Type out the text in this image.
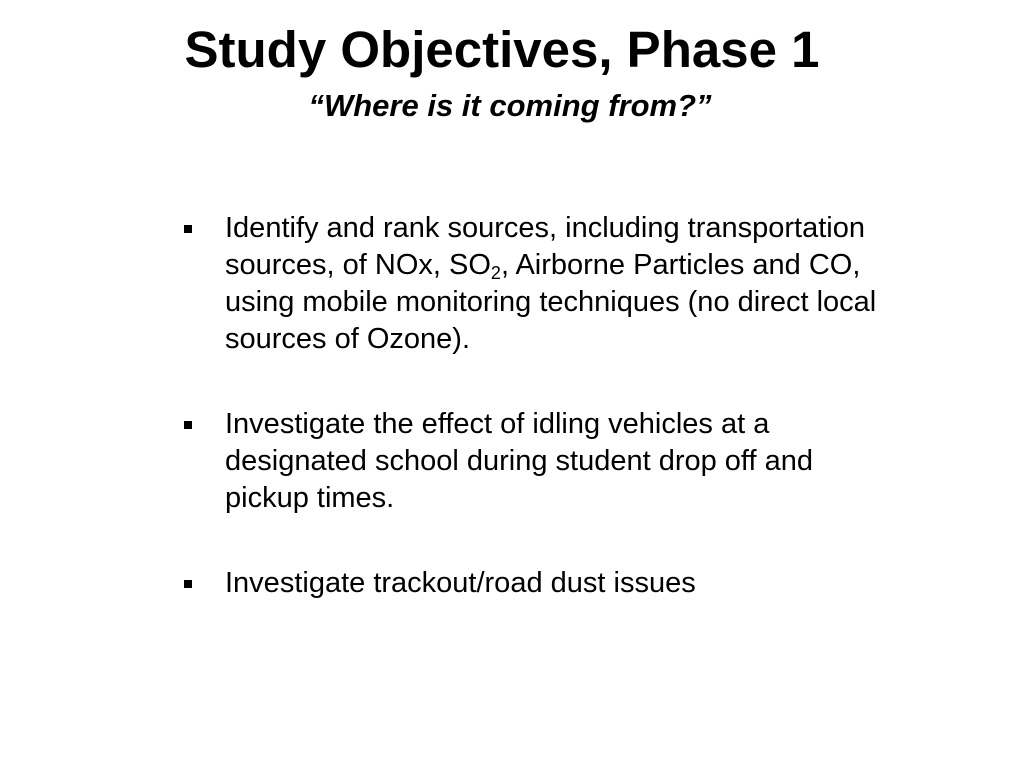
Study Objectives, Phase 1
“Where is it coming from?”
Identify and rank sources, including transportation sources, of NOx, $SO_2$, Airborne Particles and CO, using mobile monitoring techniques (no direct local sources of Ozone).
Investigate the effect of idling vehicles at a designated school during student drop off and pickup times.
Investigate trackout/road dust issues
